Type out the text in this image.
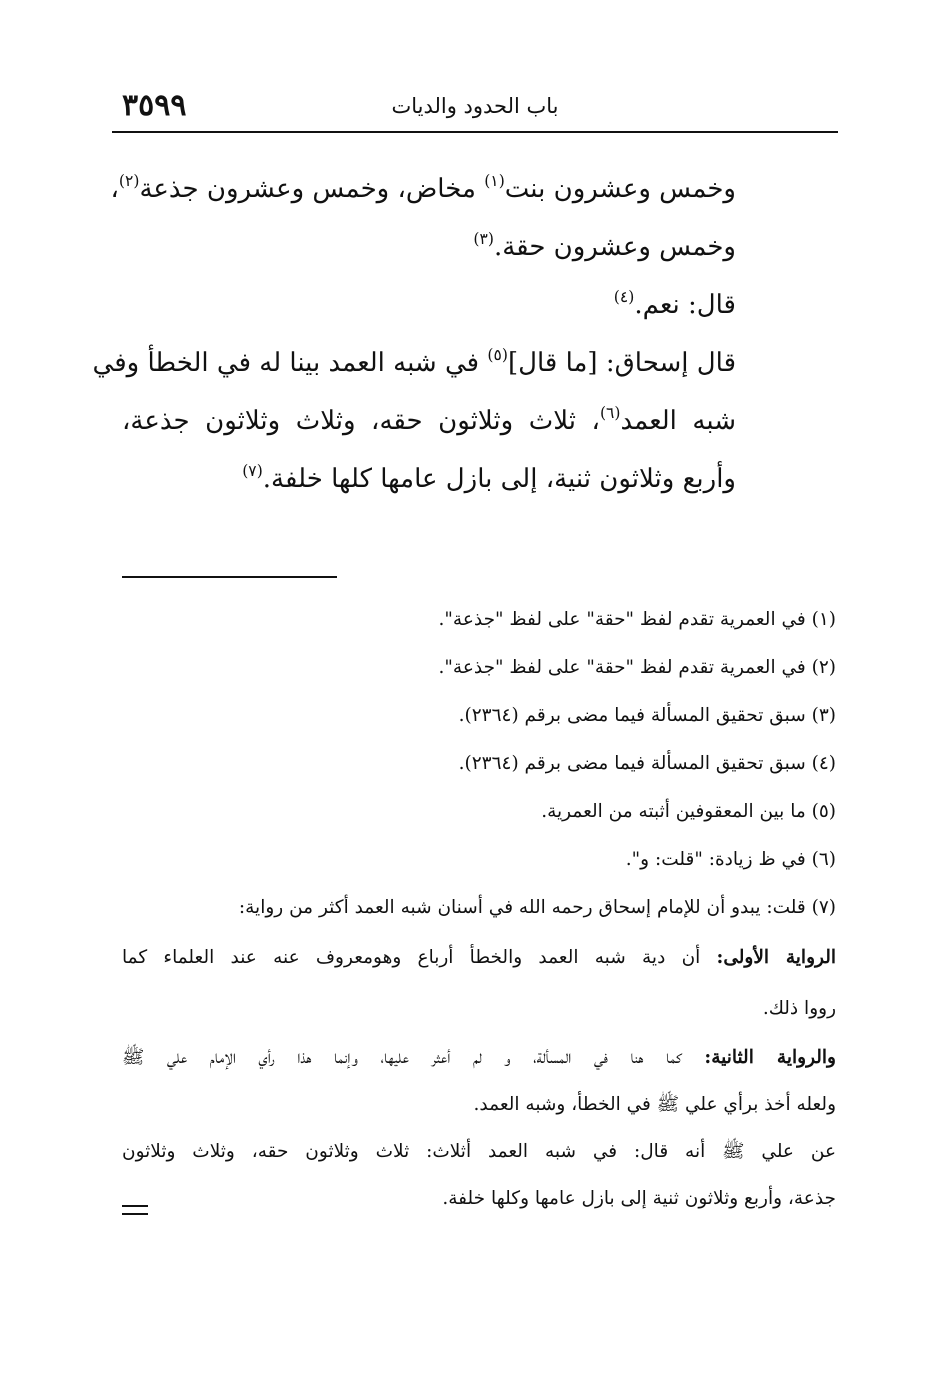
باب الحدود والديات
٣٥٩٩

وخمس وعشرون بنت$^{(١)}$ مخاض، وخمس وعشرون جذعة$^{(٢)}$،

وخمس وعشرون حقة.$^{(٣)}$

قال: نعم.$^{(٤)}$

قال إسحاق: [ما قال]$^{(٥)}$ في شبه العمد بينا له في الخطأ وفي

شبه العمد$^{(٦)}$، ثلاث وثلاثون حقه، وثلاث وثلاثون جذعة،

وأربع وثلاثون ثنية، إلى بازل عامها كلها خلفة.$^{(٧)}$

(١) في العمرية تقدم لفظ "حقة" على لفظ "جذعة".

(٢) في العمرية تقدم لفظ "حقة" على لفظ "جذعة".

(٣) سبق تحقيق المسألة فيما مضى برقم (٢٣٦٤).

(٤) سبق تحقيق المسألة فيما مضى برقم (٢٣٦٤).

(٥) ما بين المعقوفين أثبته من العمرية.

(٦) في ظ زيادة: "قلت: و".

(٧) قلت: يبدو أن للإمام إسحاق رحمه الله في أسنان شبه العمد أكثر من رواية:

الرواية الأولى: أن دية شبه العمد والخطأ أرباع وهومعروف عنه عند العلماء كما
رووا ذلك.

والرواية الثانية: كما هنا في المسألة، و لم أعثر عليها، وإنما هذا رأي الإمام علي ﷺ
ولعله أخذ برأي علي ﷺ في الخطأ، وشبه العمد.

عن علي ﷺ أنه قال: في شبه العمد أثلاث: ثلاث وثلاثون حقه، وثلاث وثلاثون
جذعة، وأربع وثلاثون ثنية إلى بازل عامها وكلها خلفة.
